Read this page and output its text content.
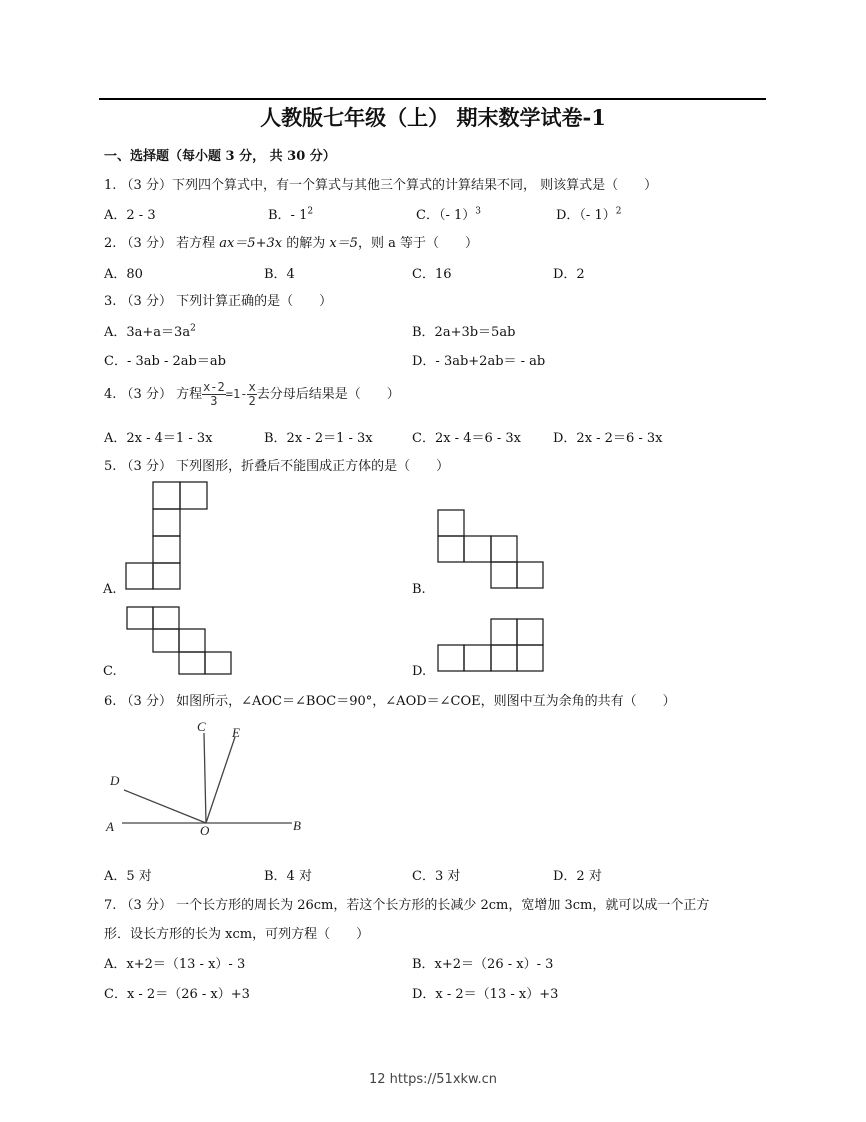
人教版七年级（上） 期末数学试卷-1
一、选择题（每小题 3 分， 共 30 分）
1. （3 分）下列四个算式中，有一个算式与其他三个算式的计算结果不同， 则该算式是（　　）
A．2 - 3	B．- $1^2$	C．（- 1）$^3$	D．（- 1）$^2$
2. （3 分） 若方程 ax＝5+3x 的解为 x＝5，则 a 等于（　　）
A．80	B．4	C．16	D．2
3. （3 分） 下列计算正确的是（　　）
A．$3a+a=3a^2$	B．2a+3b＝5ab
C．- 3ab - 2ab＝ab	D．- 3ab+2ab＝ - ab
4. （3 分） 方程 $\frac{x-2}{3} =1- \frac{x}{2}$ 去分母后结果是（　　）
A．2x - 4＝1 - 3x	B．2x - 2＝1 - 3x	C．2x - 4＝6 - 3x D．2x - 2＝6 - 3x
5. （3 分） 下列图形，折叠后不能围成正方体的是（　　）
A.	B.
C.	D.
6. （3 分） 如图所示，∠AOC＝∠BOC＝90°，∠AOD＝∠COE，则图中互为余角的共有（　　）
C E
D
A	O	B
A．5 对	B．4 对	C．3 对	D．2 对
7. （3 分） 一个长方形的周长为 26cm，若这个长方形的长减少 2cm，宽增加 3cm，就可以成一个正方
形．设长方形的长为 xcm，可列方程（　　）
A．x+2＝（13 - x）- 3	B．x+2＝（26 - x）- 3
C．x - 2＝（26 - x）+3	D．x - 2＝（13 - x）+3
12 https://51xkw.cn
